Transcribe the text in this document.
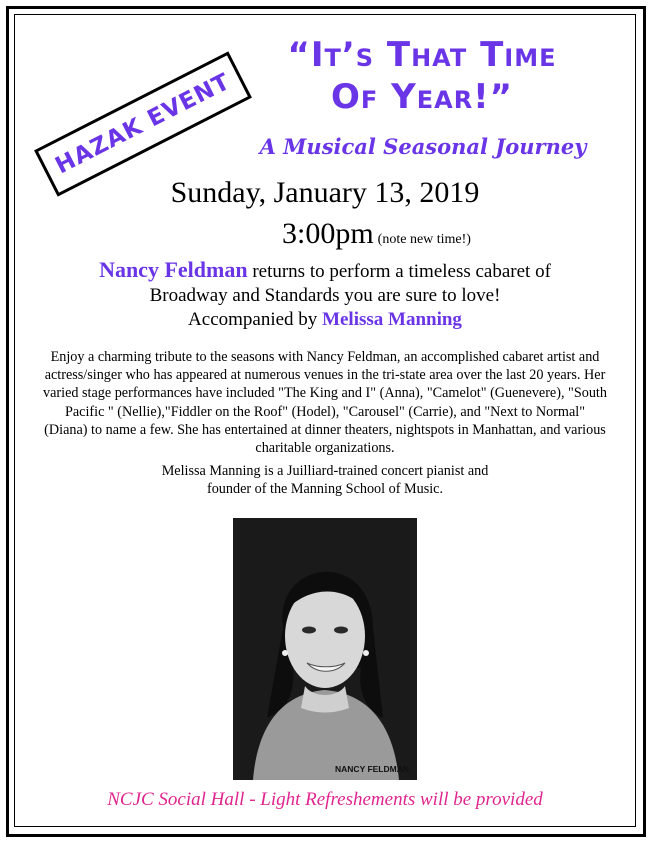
HAZAK EVENT
“It’s That Time
Of Year!”
A Musical Seasonal Journey
Sunday, January 13, 2019
3:00pm (note new time!)
Nancy Feldman returns to perform a timeless cabaret of
Broadway and Standards you are sure to love!
Accompanied by Melissa Manning
Enjoy a charming tribute to the seasons with Nancy Feldman, an accomplished cabaret artist and actress/singer who has appeared at numerous venues in the tri-state area over the last 20 years. Her varied stage performances have included "The King and I" (Anna), "Camelot" (Guenevere), "South Pacific " (Nellie),"Fiddler on the Roof" (Hodel), "Carousel" (Carrie), and "Next to Normal" (Diana) to name a few. She has entertained at dinner theaters, nightspots in Manhattan, and various charitable organizations.
Melissa Manning is a Juilliard-trained concert pianist and founder of the Manning School of Music.
NANCY FELDMAN
NCJC Social Hall - Light Refreshements will be provided
